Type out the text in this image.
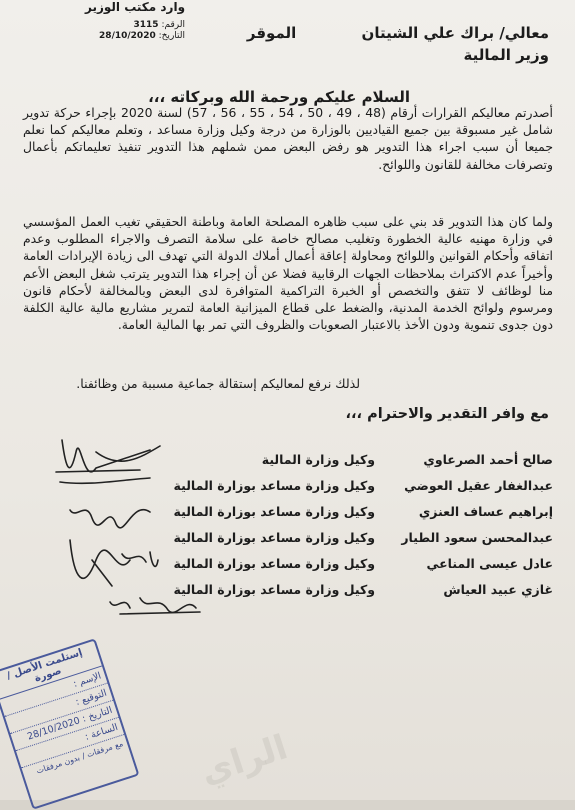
وارد مكتب الوزير
الرقم: 3115
التاريخ: 28/10/2020	معالي/ براك علي الشيتان الموقر
وزير المالية
السلام عليكم ورحمة الله وبركاته ،،،
أصدرتم معاليكم القرارات أرقام (48 ، 49 ، 50 ، 54 ، 55 ، 56 ، 57) لسنة 2020 بإجراء حركة تدوير شامل غير مسبوقة بين جميع القياديين بالوزارة من درجة وكيل وزارة مساعد ، وتعلم معاليكم كما نعلم جميعا أن سبب اجراء هذا التدوير هو رفض البعض ممن شملهم هذا التدوير تنفيذ تعليماتكم بأعمال وتصرفات مخالفة للقانون واللوائح.
ولما كان هذا التدوير قد بني على سبب ظاهره المصلحة العامة وباطنة الحقيقي تغيب العمل المؤسسي في وزارة مهنيه عالية الخطورة وتغليب مصالح خاصة على سلامة التصرف والاجراء المطلوب وعدم اتفاقه وأحكام القوانين واللوائح ومحاولة إعاقة أعمال أملاك الدولة التي تهدف الى زيادة الإيرادات العامة وأخيراً عدم الاكتراث بملاحظات الجهات الرقابية فضلا عن أن إجراء هذا التدوير يترتب شغل البعض الأعم منا لوظائف لا تتفق والتخصص أو الخبرة التراكمية المتوافرة لدى البعض وبالمخالفة لأحكام قانون ومرسوم ولوائح الخدمة المدنية، والضغط على قطاع الميزانية العامة لتمرير مشاريع مالية عالية الكلفة دون جدوى تنموية ودون الأخذ بالاعتبار الصعوبات والظروف التي تمر بها المالية العامة.
لذلك نرفع لمعاليكم إستقالة جماعية مسببة من وظائفنا.
مع وافر التقدير والاحترام ،،،
صالح أحمد الصرعاوي
وكيل وزارة المالية
عبدالغفار عقيل العوضي
وكيل وزارة مساعد بوزارة المالية
إبراهيم عساف العنزي
وكيل وزارة مساعد بوزارة المالية
عبدالمحسن سعود الطيار
وكيل وزارة مساعد بوزارة المالية
عادل عيسى المناعي
وكيل وزارة مساعد بوزارة المالية
غازي عبيد العياش
وكيل وزارة مساعد بوزارة المالية
إستلمت الأصل / صورة الإسم :
التوقيع :
التاريخ : 28/10/2020 الساعة :
مع مرفقات / بدون مرفقات الراي
